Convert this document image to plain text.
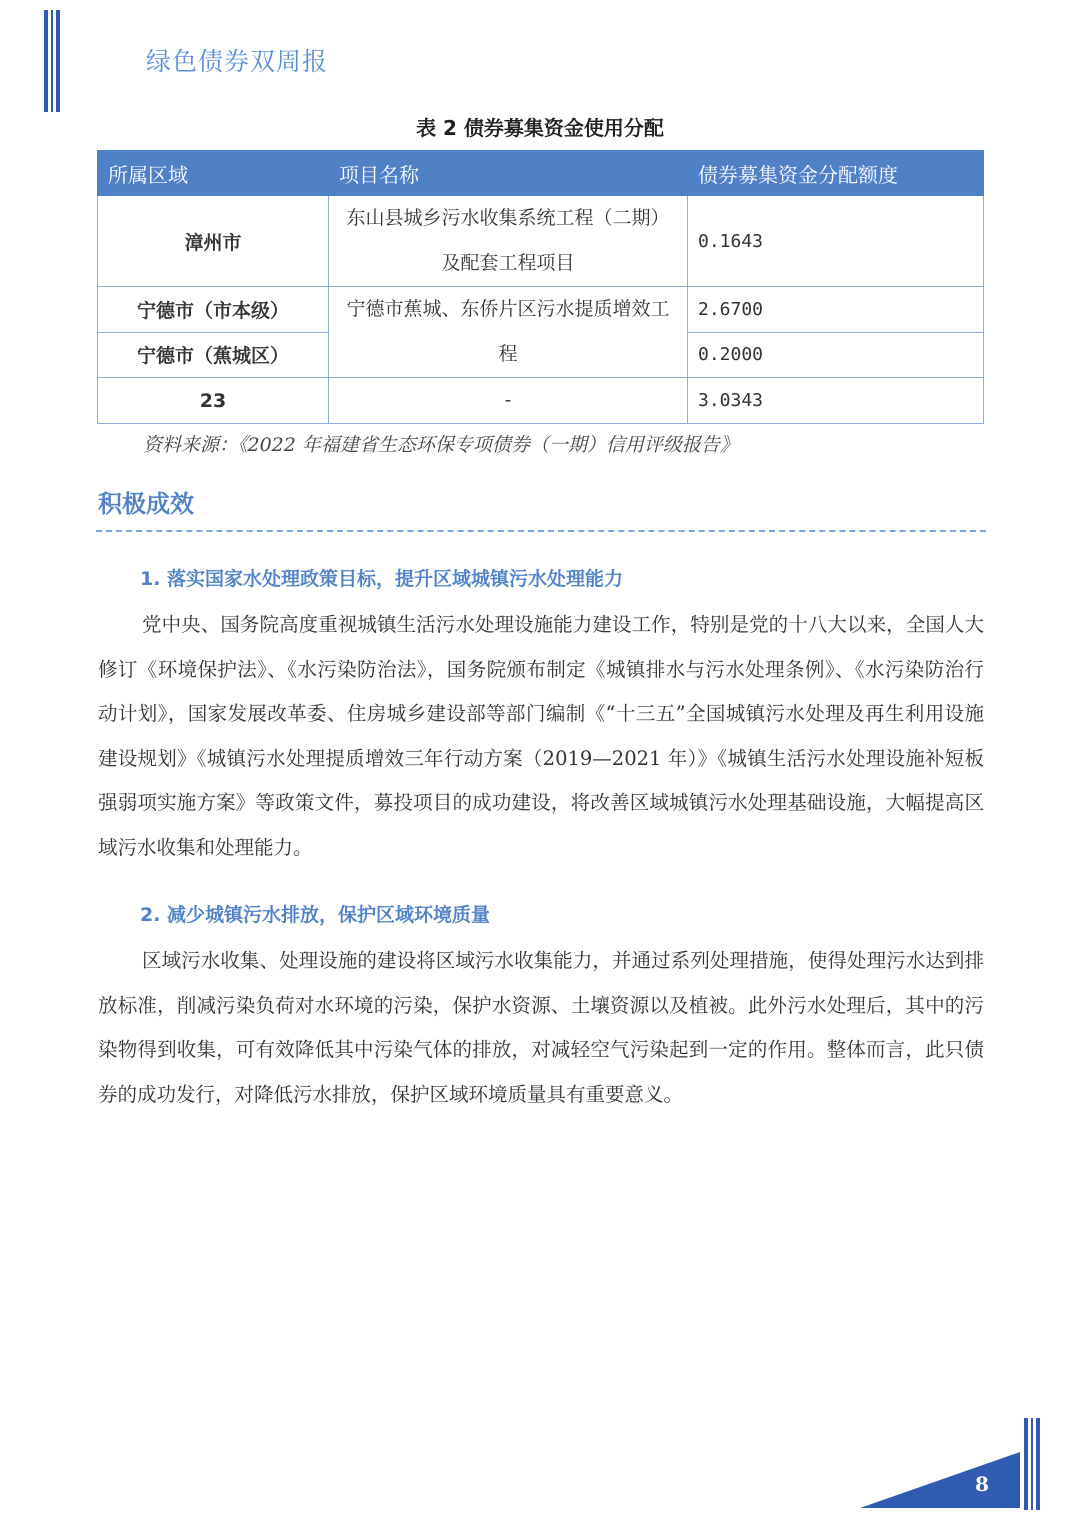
绿色债券双周报
表 2 债券募集资金使用分配
所属区域	项目名称	债券募集资金分配额度
漳州市	东山县城乡污水收集系统工程（二期）及配套工程项目	0.1643
宁德市（市本级）	宁德市蕉城、东侨片区污水提质增效工程	2.6700
宁德市（蕉城区）		0.2000
23	-	3.0343
资料来源：《2022 年福建省生态环保专项债券（一期）信用评级报告》
积极成效
1. 落实国家水处理政策目标，提升区域城镇污水处理能力
党中央、国务院高度重视城镇生活污水处理设施能力建设工作，特别是党的十八大以来，全国人大修订《环境保护法》、《水污染防治法》，国务院颁布制定《城镇排水与污水处理条例》、《水污染防治行动计划》，国家发展改革委、住房城乡建设部等部门编制《“十三五”全国城镇污水处理及再生利用设施建设规划》《城镇污水处理提质增效三年行动方案（2019—2021 年）》《城镇生活污水处理设施补短板强弱项实施方案》等政策文件，募投项目的成功建设，将改善区域城镇污水处理基础设施，大幅提高区域污水收集和处理能力。
2. 减少城镇污水排放，保护区域环境质量
区域污水收集、处理设施的建设将区域污水收集能力，并通过系列处理措施，使得处理污水达到排放标准，削减污染负荷对水环境的污染，保护水资源、土壤资源以及植被。此外污水处理后，其中的污染物得到收集，可有效降低其中污染气体的排放，对减轻空气污染起到一定的作用。整体而言，此只债券的成功发行，对降低污水排放，保护区域环境质量具有重要意义。
8
